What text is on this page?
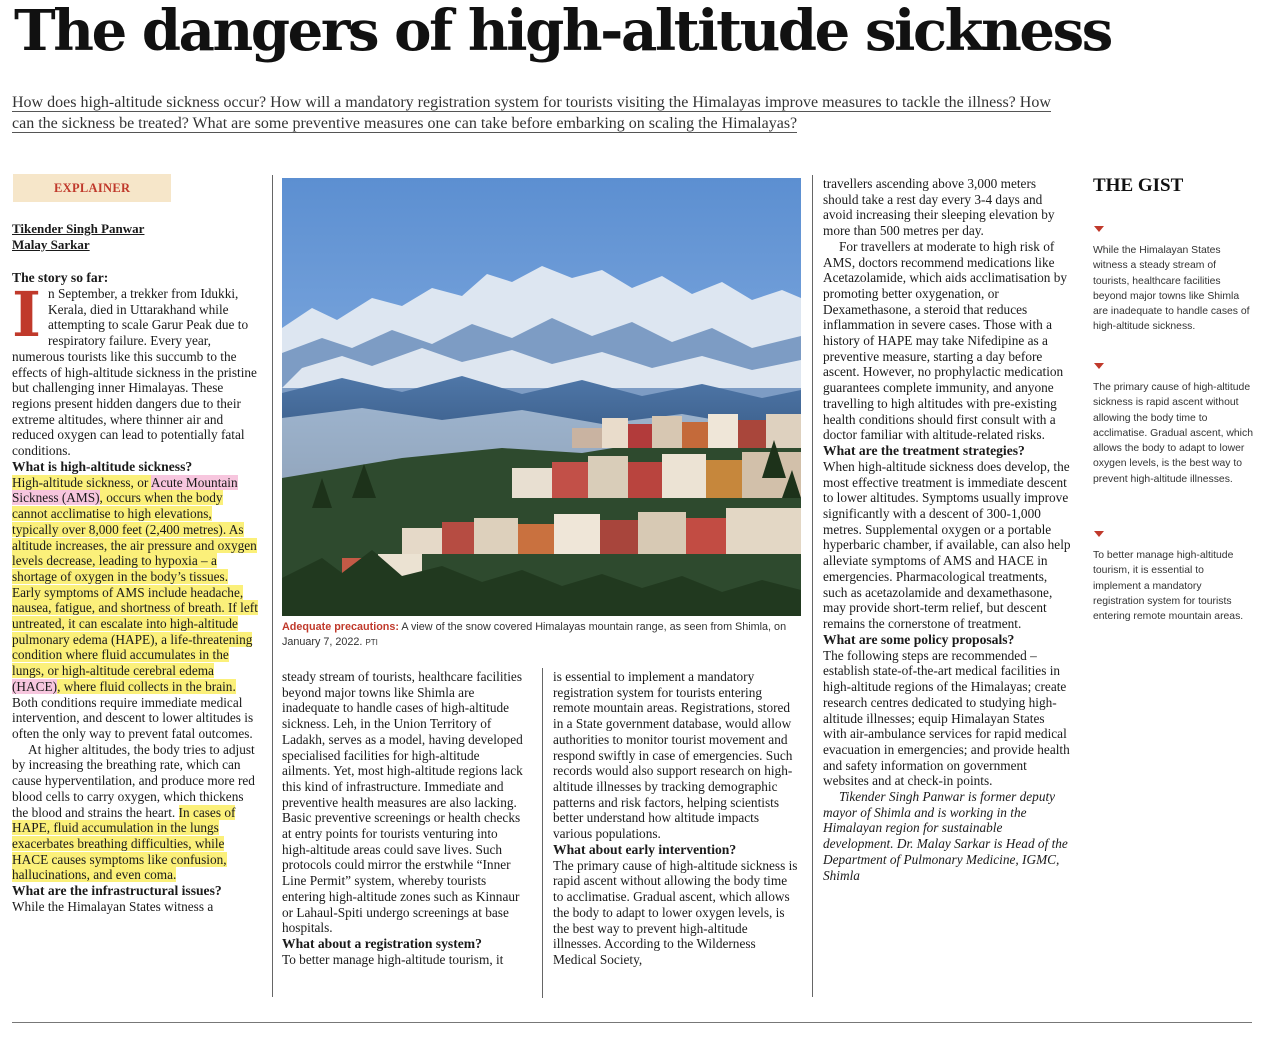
The dangers of high-altitude sickness
How does high-altitude sickness occur? How will a mandatory registration system for tourists visiting the Himalayas improve measures to tackle the illness? How can the sickness be treated? What are some preventive measures one can take before embarking on scaling the Himalayas?
EXPLAINER
Tikender Singh Panwar
Malay Sarkar

The story so far:

In September, a trekker from Idukki, Kerala, died in Uttarakhand while attempting to scale Garur Peak due to respiratory failure. Every year, numerous tourists like this succumb to the effects of high-altitude sickness in the pristine but challenging inner Himalayas. These regions present hidden dangers due to their extreme altitudes, where thinner air and reduced oxygen can lead to potentially fatal conditions.

What is high-altitude sickness?

High-altitude sickness, or Acute Mountain Sickness (AMS), occurs when the body cannot acclimatise to high elevations, typically over 8,000 feet (2,400 metres). As altitude increases, the air pressure and oxygen levels decrease, leading to hypoxia – a shortage of oxygen in the body’s tissues. Early symptoms of AMS include headache, nausea, fatigue, and shortness of breath. If left untreated, it can escalate into high-altitude pulmonary edema (HAPE), a life-threatening condition where fluid accumulates in the lungs, or high-altitude cerebral edema (HACE), where fluid collects in the brain. Both conditions require immediate medical intervention, and descent to lower altitudes is often the only way to prevent fatal outcomes.

At higher altitudes, the body tries to adjust by increasing the breathing rate, which can cause hyperventilation, and produce more red blood cells to carry oxygen, which thickens the blood and strains the heart. In cases of HAPE, fluid accumulation in the lungs exacerbates breathing difficulties, while HACE causes symptoms like confusion, hallucinations, and even coma.

What are the infrastructural issues?

While the Himalayan States witness a

Adequate precautions: A view of the snow covered Himalayas mountain range, as seen from Shimla, on January 7, 2022. PTI

steady stream of tourists, healthcare facilities beyond major towns like Shimla are inadequate to handle cases of high-altitude sickness. Leh, in the Union Territory of Ladakh, serves as a model, having developed specialised facilities for high-altitude ailments. Yet, most high-altitude regions lack this kind of infrastructure. Immediate and preventive health measures are also lacking. Basic preventive screenings or health checks at entry points for tourists venturing into high-altitude areas could save lives. Such protocols could mirror the erstwhile “Inner Line Permit” system, whereby tourists entering high-altitude zones such as Kinnaur or Lahaul-Spiti undergo screenings at base hospitals.

What about a registration system?

To better manage high-altitude tourism, it

is essential to implement a mandatory registration system for tourists entering remote mountain areas. Registrations, stored in a State government database, would allow authorities to monitor tourist movement and respond swiftly in case of emergencies. Such records would also support research on high-altitude illnesses by tracking demographic patterns and risk factors, helping scientists better understand how altitude impacts various populations.

What about early intervention?

The primary cause of high-altitude sickness is rapid ascent without allowing the body time to acclimatise. Gradual ascent, which allows the body to adapt to lower oxygen levels, is the best way to prevent high-altitude illnesses. According to the Wilderness Medical Society,

travellers ascending above 3,000 meters should take a rest day every 3-4 days and avoid increasing their sleeping elevation by more than 500 metres per day.

For travellers at moderate to high risk of AMS, doctors recommend medications like Acetazolamide, which aids acclimatisation by promoting better oxygenation, or Dexamethasone, a steroid that reduces inflammation in severe cases. Those with a history of HAPE may take Nifedipine as a preventive measure, starting a day before ascent. However, no prophylactic medication guarantees complete immunity, and anyone travelling to high altitudes with pre-existing health conditions should first consult with a doctor familiar with altitude-related risks.

What are the treatment strategies?

When high-altitude sickness does develop, the most effective treatment is immediate descent to lower altitudes. Symptoms usually improve significantly with a descent of 300-1,000 metres. Supplemental oxygen or a portable hyperbaric chamber, if available, can also help alleviate symptoms of AMS and HACE in emergencies. Pharmacological treatments, such as acetazolamide and dexamethasone, may provide short-term relief, but descent remains the cornerstone of treatment.

What are some policy proposals?

The following steps are recommended – establish state-of-the-art medical facilities in high-altitude regions of the Himalayas; create research centres dedicated to studying high-altitude illnesses; equip Himalayan States with air-ambulance services for rapid medical evacuation in emergencies; and provide health and safety information on government websites and at check-in points.

Tikender Singh Panwar is former deputy mayor of Shimla and is working in the Himalayan region for sustainable development. Dr. Malay Sarkar is Head of the Department of Pulmonary Medicine, IGMC, Shimla

THE GIST
While the Himalayan States witness a steady stream of tourists, healthcare facilities beyond major towns like Shimla are inadequate to handle cases of high-altitude sickness.
The primary cause of high-altitude sickness is rapid ascent without allowing the body time to acclimatise. Gradual ascent, which allows the body to adapt to lower oxygen levels, is the best way to prevent high-altitude illnesses.
To better manage high-altitude tourism, it is essential to implement a mandatory registration system for tourists entering remote mountain areas.
